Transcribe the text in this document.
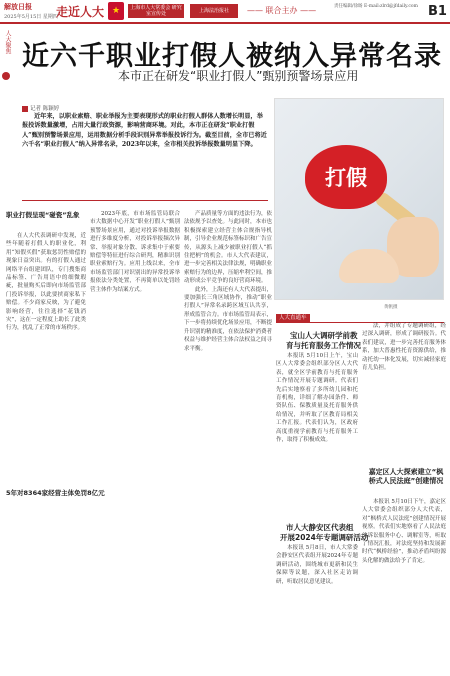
解放日报
2025年5月15日 星期四
走近人大 ★	上海市人大常委会 研究室宣传处	上海法治报社	—— 联合主办 ——	责任编辑/徐旸 E-mail:zlrd@jfdaily.com B1
人大聚焦 近六千职业打假人被纳入异常名录
本市正在研发“职业打假人”甄别预警场景应用
记者 陈颖婷
近年来，以职业索赔、职业举报为主要表现形式的职业打假人群体人数增长明显，举报投诉数量激增，占用大量行政资源，影响营商环境。对此，本市正在研发“职业打假人”甄别预警场景应用，运用数据分析手段识别异常举报投诉行为。截至目前，全市已将近六千名“职业打假人”纳入异常名录，2023年以来，全市相关投诉举报数量明显下降。
打假
黄帆摄
职业打假呈现“碰瓷”乱象

在人大代表调研中发现，近些年随着打假人的职业化，利用“知假买假”获取惩罚性赔偿的现象日益突出。有的打假人通过网络平台组建团队，专门搜集商品标签、广告用语中的细微瑕疵，批量购买后即向市场监管部门投诉举报，以此要挟商家私下赔偿。不少商家反映，为了避免影响经营，往往选择“花钱消灾”，这在一定程度上助长了此类行为，扰乱了正常的市场秩序。

5年对8364家经营主体免罚8亿元

2023年底，市市场监管局联合市大数据中心开发“职业打假人”甄别预警场景应用，通过对投诉举报数据进行多维度分析，对投诉举报频次异常、举报对象分散、诉求集中于索要赔偿等特征进行综合研判，精准识别职业索赔行为。应用上线以来，全市市场监管部门对识别出的异常投诉举报依法分类处置，不再简单以处罚经营主体作为结案方式。

产品质量等方面的违法行为，依法依规予以查处。与此同时，本市也积极探索建立经营主体合规指导机制，引导企业规范标签标识和广告宣传，从源头上减少被职业打假人“抓住把柄”的机会。市人大代表建议，进一步完善相关法律法规，明确职业索赔行为的边界，压缩牟利空间，推动形成公平竞争的良好营商环境。

此外，上海还有人大代表提出，要加强长三角区域协作，推动“职业打假人”异常名录跨区域互认共享，形成监管合力。市市场监管局表示，下一步将持续优化场景应用，不断提升识别的精准度，在依法保护消费者权益与维护经营主体合法权益之间寻求平衡。

人大直通车
宝山人大调研学前教
育与托育服务工作情况

本报讯 5月10日上午，宝山区人大常委会组织部分区人大代表，就全区学前教育与托育服务工作情况开展专题调研。代表们先后实地察看了多所幼儿园和托育机构，详细了解办园条件、师资队伍、保教质量及托育服务供给情况，并听取了区教育局相关工作汇报。代表们认为，区政府高度重视学前教育与托育服务工作，取得了积极成效。

市人大静安区代表组
开展2024年专题调研活动

本报讯 5月8日，市人大常委会静安区代表组开展2024年专题调研活动，围绕城市更新和民生保障等议题，深入社区走访调研，听取居民意见建议。

法，并组成了专题调研组，经过深入调研，形成了调研报告。代表们建议，进一步完善托育服务体系，加大普惠性托育资源供给，推动托幼一体化发展，切实减轻家庭育儿负担。

嘉定区人大探索建立“枫桥式人民法庭”创建情况

本报讯 5月10日下午，嘉定区人大常委会组织部分人大代表，对“枫桥式人民法庭”创建情况开展视察。代表们实地察看了人民法庭的诉讼服务中心、调解室等，听取了情况汇报，对法庭坚持和发展新时代“枫桥经验”，推动矛盾纠纷源头化解的做法给予了肯定。
